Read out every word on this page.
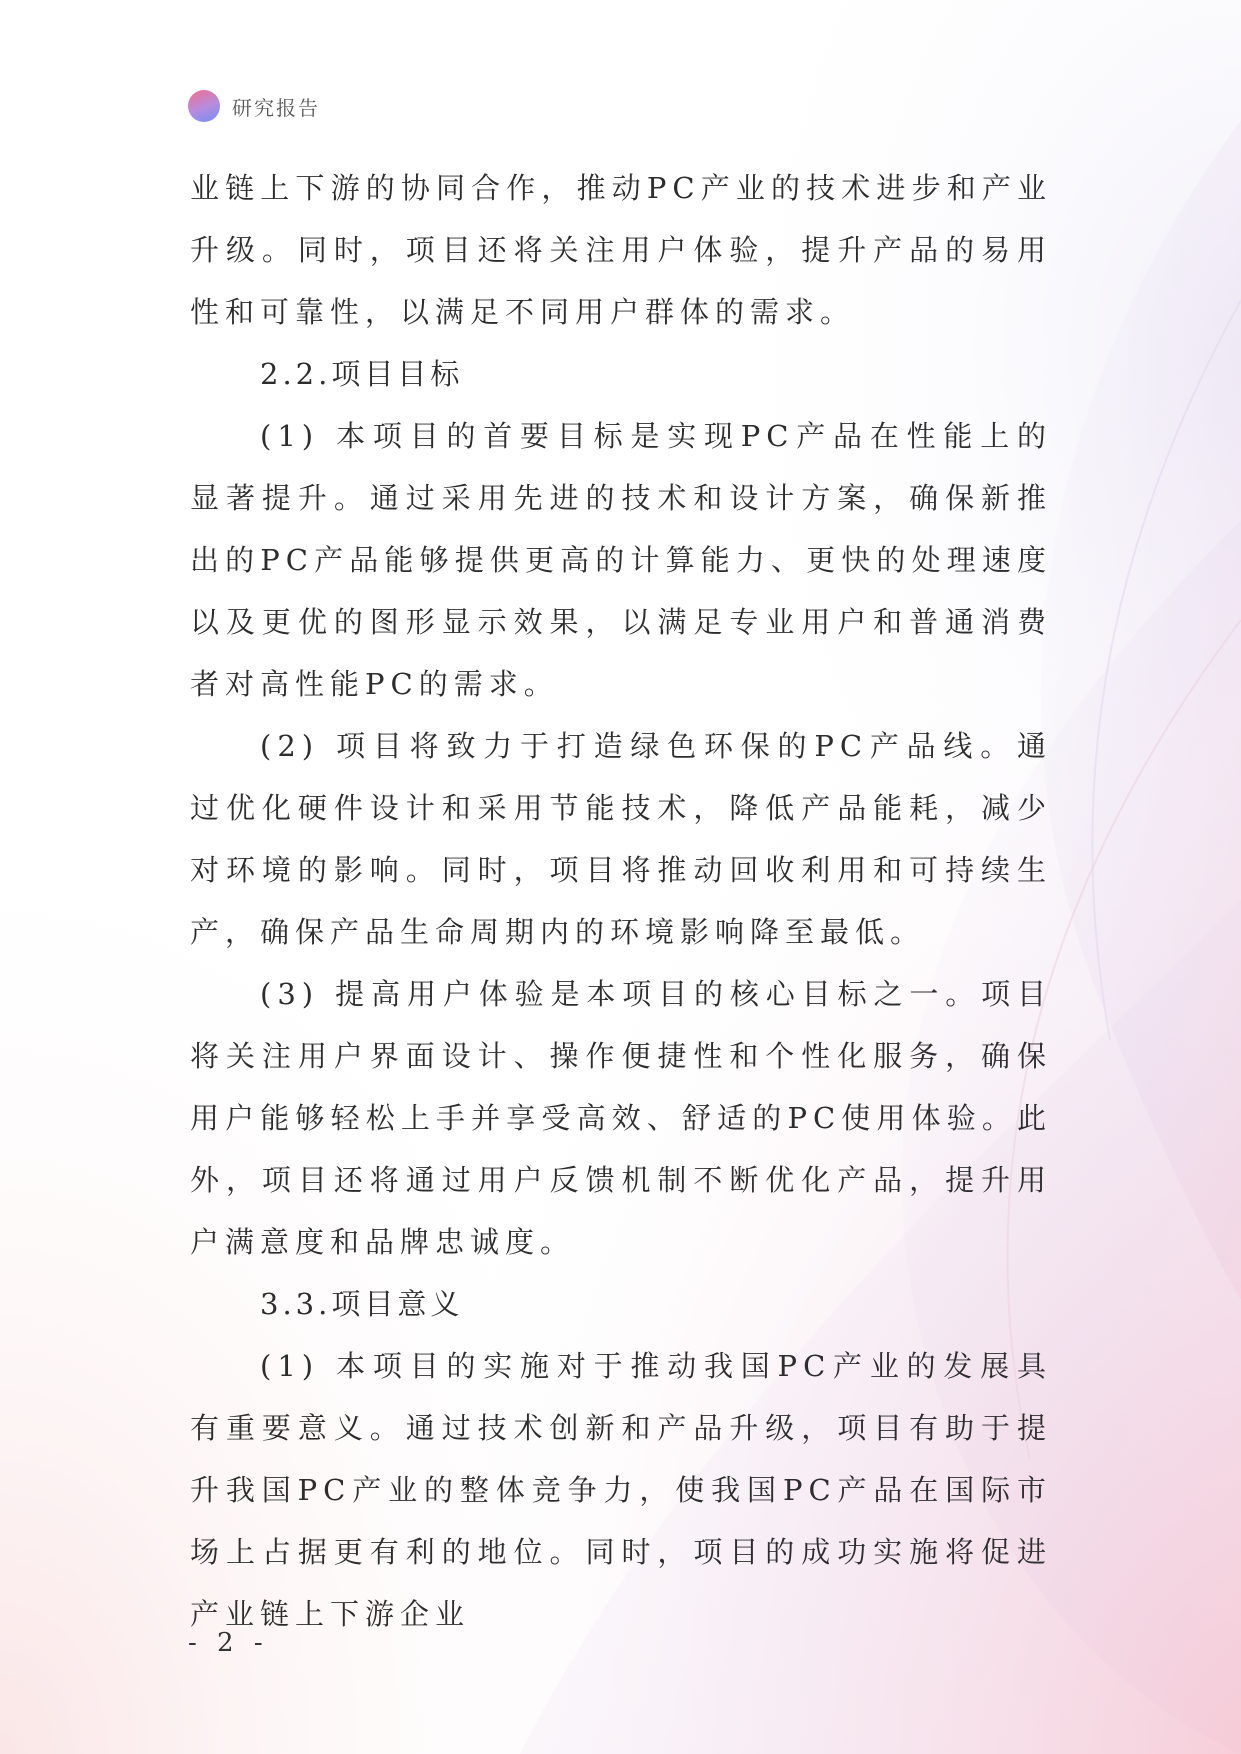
研究报告

业链上下游的协同合作，推动PC产业的技术进步和产业升级。同时，项目还将关注用户体验，提升产品的易用性和可靠性，以满足不同用户群体的需求。

2.2.项目目标

(1) 本项目的首要目标是实现PC产品在性能上的显著提升。通过采用先进的技术和设计方案，确保新推出的PC产品能够提供更高的计算能力、更快的处理速度以及更优的图形显示效果，以满足专业用户和普通消费者对高性能PC的需求。

(2) 项目将致力于打造绿色环保的PC产品线。通过优化硬件设计和采用节能技术，降低产品能耗，减少对环境的影响。同时，项目将推动回收利用和可持续生产，确保产品生命周期内的环境影响降至最低。

(3) 提高用户体验是本项目的核心目标之一。项目将关注用户界面设计、操作便捷性和个性化服务，确保用户能够轻松上手并享受高效、舒适的PC使用体验。此外，项目还将通过用户反馈机制不断优化产品，提升用户满意度和品牌忠诚度。

3.3.项目意义

(1) 本项目的实施对于推动我国PC产业的发展具有重要意义。通过技术创新和产品升级，项目有助于提升我国PC产业的整体竞争力，使我国PC产品在国际市场上占据更有利的地位。同时，项目的成功实施将促进产业链上下游企业

- 2 -
